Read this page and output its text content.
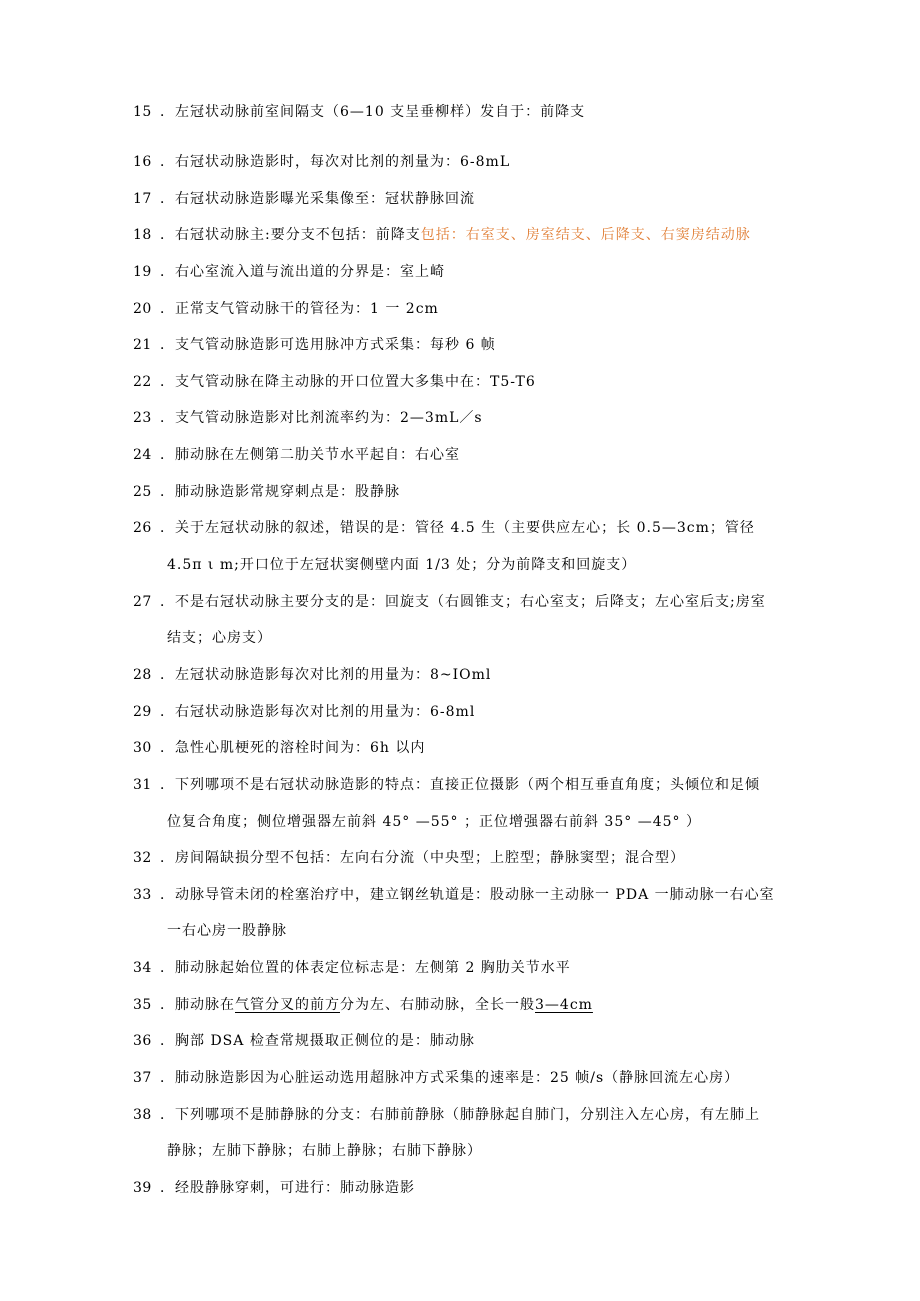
15 ．左冠状动脉前室间隔支（6—10 支呈垂柳样）发自于：前降支
16 ．右冠状动脉造影时，每次对比剂的剂量为：6-8mL
17 ．右冠状动脉造影曝光采集像至：冠状静脉回流
18 ．右冠状动脉主:要分支不包括：前降支包括：右室支、房室结支、后降支、右窦房结动脉
19 ．右心室流入道与流出道的分界是：室上崎
20 ．正常支气管动脉干的管径为：1 一 2cm
21 ．支气管动脉造影可选用脉冲方式采集：每秒 6 帧
22 ．支气管动脉在降主动脉的开口位置大多集中在：T5-T6
23 ．支气管动脉造影对比剂流率约为：2—3mL／s
24 ．肺动脉在左侧第二肋关节水平起自：右心室
25 ．肺动脉造影常规穿刺点是：股静脉
26 ．关于左冠状动脉的叙述，错误的是：管径 4.5 生（主要供应左心；长 0.5—3cm；管径
4.5π ι m;开口位于左冠状窦侧壁内面 1/3 处；分为前降支和回旋支）
27 ．不是右冠状动脉主要分支的是：回旋支（右圆锥支；右心室支；后降支；左心室后支;房室
结支；心房支）
28 ．左冠状动脉造影每次对比剂的用量为：8~IOml
29 ．右冠状动脉造影每次对比剂的用量为：6-8ml
30 ．急性心肌梗死的溶栓时间为：6h 以内
31 ．下列哪项不是右冠状动脉造影的特点：直接正位摄影（两个相互垂直角度；头倾位和足倾
位复合角度；侧位增强器左前斜 45° —55° ；正位增强器右前斜 35° —45° ）
32 ．房间隔缺损分型不包括：左向右分流（中央型；上腔型；静脉窦型；混合型）
33 ．动脉导管未闭的栓塞治疗中，建立钢丝轨道是：股动脉一主动脉一 PDA 一肺动脉一右心室
一右心房一股静脉
34 ．肺动脉起始位置的体表定位标志是：左侧第 2 胸肋关节水平
35 ．肺动脉在气管分叉的前方分为左、右肺动脉，全长一般3—4cm
36 ．胸部 DSA 检查常规摄取正侧位的是：肺动脉
37 ．肺动脉造影因为心脏运动选用超脉冲方式采集的速率是：25 帧/s（静脉回流左心房）
38 ．下列哪项不是肺静脉的分支：右肺前静脉（肺静脉起自肺门，分别注入左心房，有左肺上
静脉；左肺下静脉；右肺上静脉；右肺下静脉）
39 ．经股静脉穿刺，可进行：肺动脉造影
